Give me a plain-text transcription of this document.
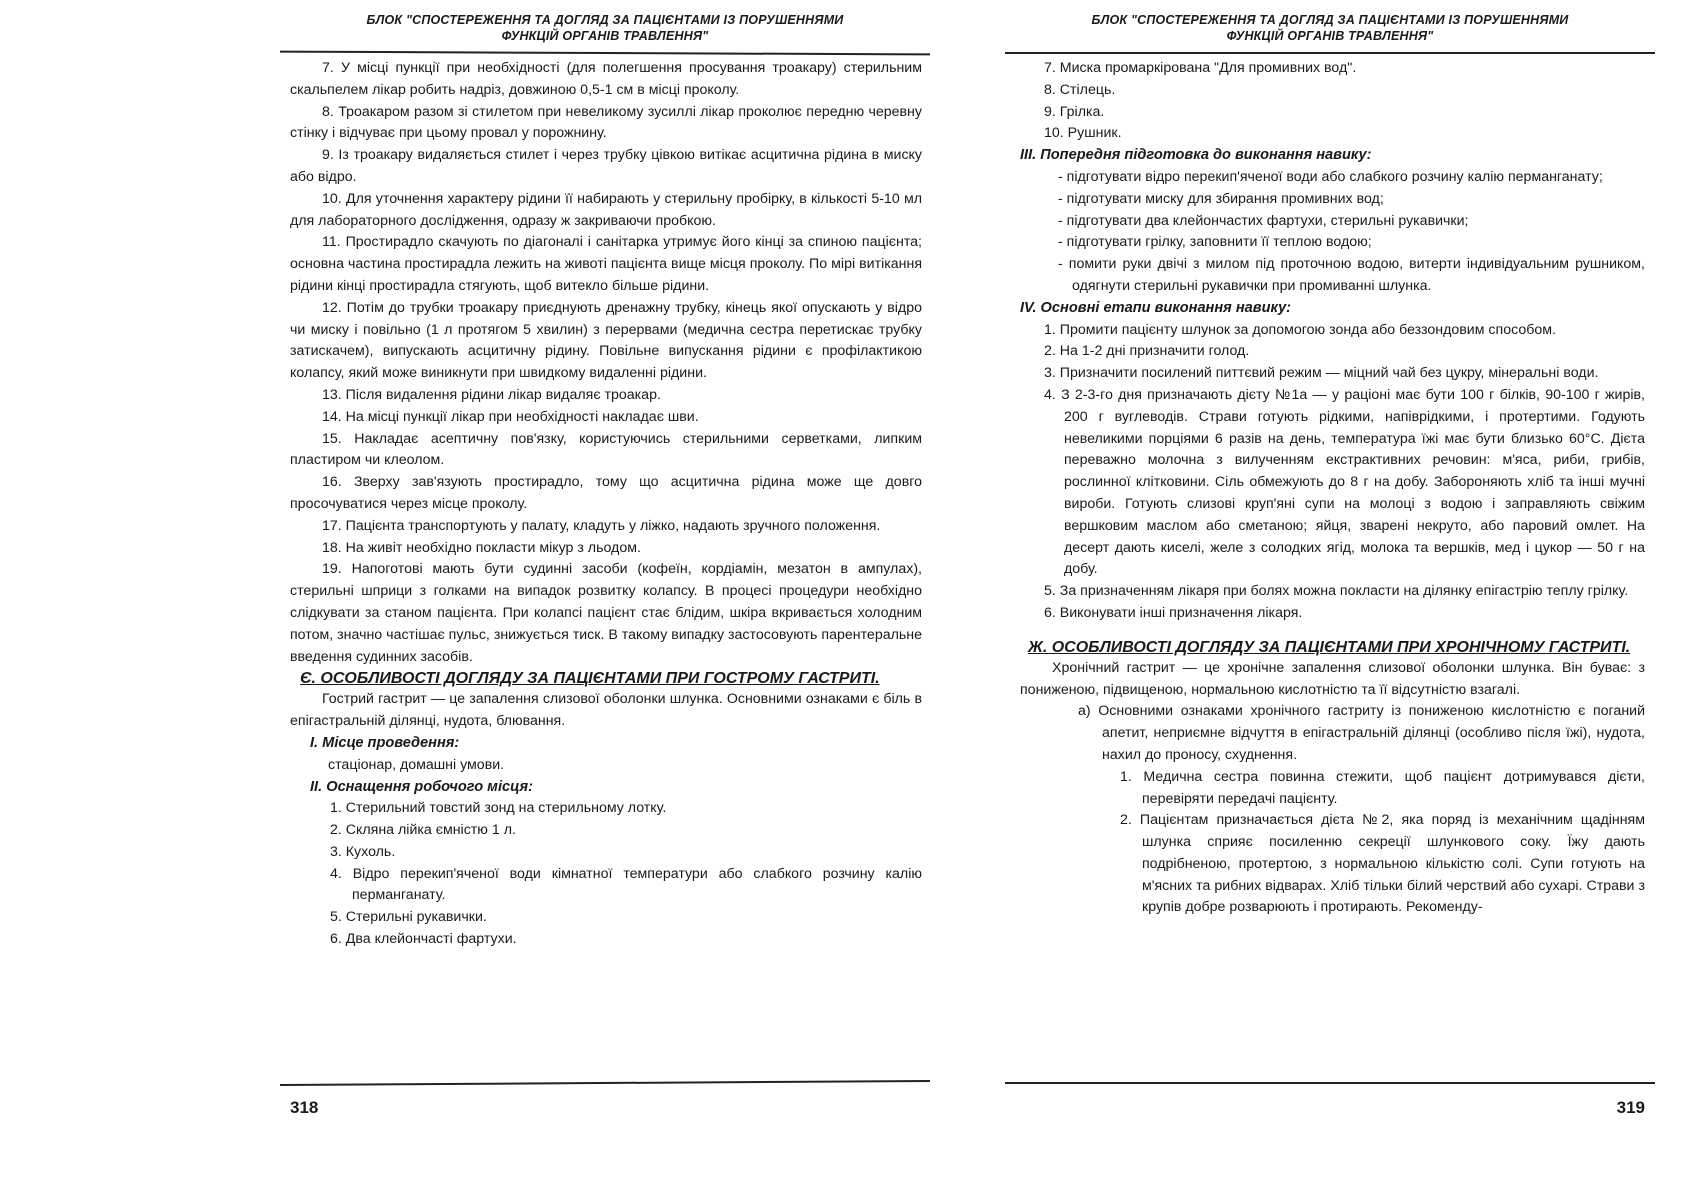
БЛОК "СПОСТЕРЕЖЕННЯ ТА ДОГЛЯД ЗА ПАЦІЄНТАМИ ІЗ ПОРУШЕННЯМИ
ФУНКЦІЙ ОРГАНІВ ТРАВЛЕННЯ"

7. У місці пункції при необхідності (для полегшення просування троакару) стерильним скальпелем лікар робить надріз, довжиною 0,5-1 см в місці проколу.

8. Троакаром разом зі стилетом при невеликому зусиллі лікар проколює передню черевну стінку і відчуває при цьому провал у порожнину.

9. Із троакару видаляється стилет і через трубку цівкою витікає асцитична рідина в миску або відро.

10. Для уточнення характеру рідини її набирають у стерильну пробірку, в кількості 5-10 мл для лабораторного дослідження, одразу ж закриваючи пробкою.

11. Простирадло скачують по діагоналі і санітарка утримує його кінці за спиною пацієнта; основна частина простирадла лежить на животі пацієнта вище місця проколу. По мірі витікання рідини кінці простирадла стягують, щоб витекло більше рідини.

12. Потім до трубки троакару приєднують дренажну трубку, кінець якої опускають у відро чи миску і повільно (1 л протягом 5 хвилин) з перервами (медична сестра перетискає трубку затискачем), випускають асцитичну рідину. Повільне випускання рідини є профілактикою колапсу, який може виникнути при швидкому видаленні рідини.

13. Після видалення рідини лікар видаляє троакар.

14. На місці пункції лікар при необхідності накладає шви.

15. Накладає асептичну пов'язку, користуючись стерильними серветками, липким пластиром чи клеолом.

16. Зверху зав'язують простирадло, тому що асцитична рідина може ще довго просочуватися через місце проколу.

17. Пацієнта транспортують у палату, кладуть у ліжко, надають зручного положення.

18. На живіт необхідно покласти мікур з льодом.

19. Напоготові мають бути судинні засоби (кофеїн, кордіамін, мезатон в ампулах), стерильні шприци з голками на випадок розвитку колапсу. В процесі процедури необхідно слідкувати за станом пацієнта. При колапсі пацієнт стає блідим, шкіра вкривається холодним потом, значно частішає пульс, знижується тиск. В такому випадку застосовують парентеральне введення судинних засобів.

Є. ОСОБЛИВОСТІ ДОГЛЯДУ ЗА ПАЦІЄНТАМИ ПРИ ГОСТРОМУ ГАСТРИТІ.

Гострий гастрит — це запалення слизової оболонки шлунка. Основними ознаками є біль в епігастральній ділянці, нудота, блювання.

І. Місце проведення:

стаціонар, домашні умови.

ІІ. Оснащення робочого місця:

1. Стерильний товстий зонд на стерильному лотку.

2. Скляна лійка ємністю 1 л.

3. Кухоль.

4. Відро перекип'яченої води кімнатної температури або слабкого розчину калію перманганату.

5. Стерильні рукавички.

6. Два клейончасті фартухи.

318
БЛОК "СПОСТЕРЕЖЕННЯ ТА ДОГЛЯД ЗА ПАЦІЄНТАМИ ІЗ ПОРУШЕННЯМИ
ФУНКЦІЙ ОРГАНІВ ТРАВЛЕННЯ"

7. Миска промаркірована "Для промивних вод".

8. Стілець.

9. Грілка.

10. Рушник.

ІІІ. Попередня підготовка до виконання навику:

- підготувати відро перекип'яченої води або слабкого розчину калію перманганату;

- підготувати миску для збирання промивних вод;

- підготувати два клейончастих фартухи, стерильні рукавички;

- підготувати грілку, заповнити її теплою водою;

- помити руки двічі з милом під проточною водою, витерти індивідуальним рушником, одягнути стерильні рукавички при промиванні шлунка.

IV. Основні етапи виконання навику:

1. Промити пацієнту шлунок за допомогою зонда або беззондовим способом.

2. На 1-2 дні призначити голод.

3. Призначити посилений питтєвий режим — міцний чай без цукру, мінеральні води.

4. З 2-3-го дня призначають дієту №1а — у раціоні має бути 100 г білків, 90-100 г жирів, 200 г вуглеводів. Страви готують рідкими, напіврідкими, і протертими. Годують невеликими порціями 6 разів на день, температура їжі має бути близько 60°С. Дієта переважно молочна з вилученням екстрактивних речовин: м'яса, риби, грибів, рослинної клітковини. Сіль обмежують до 8 г на добу. Забороняють хліб та інші мучні вироби. Готують слизові круп'яні супи на молоці з водою і заправляють свіжим вершковим маслом або сметаною; яйця, зварені некруто, або паровий омлет. На десерт дають киселі, желе з солодких ягід, молока та вершків, мед і цукор — 50 г на добу.

5. За призначенням лікаря при болях можна покласти на ділянку епігастрію теплу грілку.

6. Виконувати інші призначення лікаря.

Ж. ОСОБЛИВОСТІ ДОГЛЯДУ ЗА ПАЦІЄНТАМИ ПРИ ХРОНІЧНОМУ ГАСТРИТІ.

Хронічний гастрит — це хронічне запалення слизової оболонки шлунка. Він буває: з пониженою, підвищеною, нормальною кислотністю та її відсутністю взагалі.

а) Основними ознаками хронічного гастриту із пониженою кислотністю є поганий апетит, неприємне відчуття в епігастральній ділянці (особливо після їжі), нудота, нахил до проносу, схуднення.

1. Медична сестра повинна стежити, щоб пацієнт дотримувався дієти, перевіряти передачі пацієнту.

2. Пацієнтам призначається дієта №2, яка поряд із механічним щадінням шлунка сприяє посиленню секреції шлункового соку. Їжу дають подрібненою, протертою, з нормальною кількістю солі. Супи готують на м'ясних та рибних відварах. Хліб тільки білий черствий або сухарі. Страви з крупів добре розварюють і протирають. Рекоменду-

319
